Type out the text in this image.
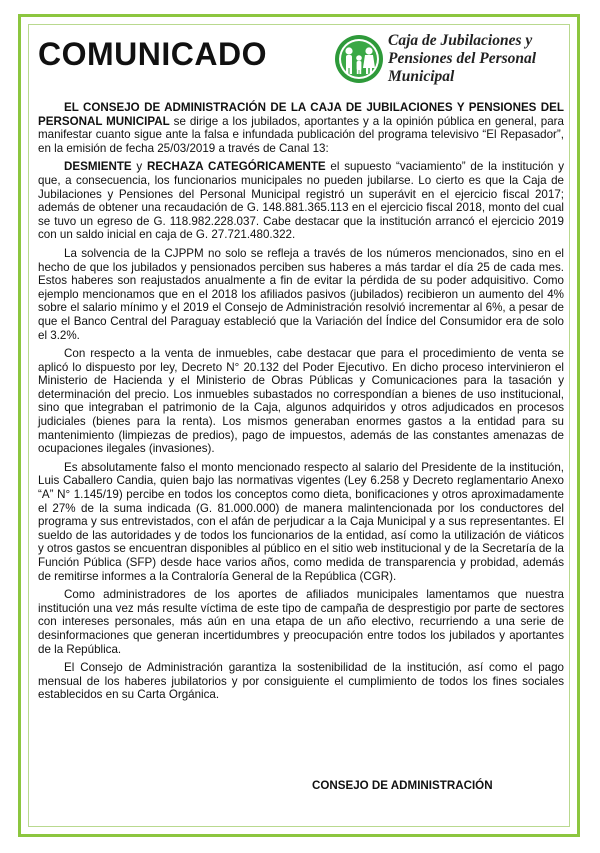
COMUNICADO	Caja de Jubilaciones y
Pensiones del Personal
Municipal

EL CONSEJO DE ADMINISTRACIÓN DE LA CAJA DE JUBILACIONES Y PENSIONES DEL PERSONAL MUNICIPAL se dirige a los jubilados, aportantes y a la opinión pública en general, para manifestar cuanto sigue ante la falsa e infundada publicación del programa televisivo “El Repasador”, en la emisión de fecha 25/03/2019 a través de Canal 13:

DESMIENTE y RECHAZA CATEGÓRICAMENTE el supuesto “vaciamiento” de la institución y que, a consecuencia, los funcionarios municipales no pueden jubilarse. Lo cierto es que la Caja de Jubilaciones y Pensiones del Personal Municipal registró un superávit en el ejercicio fiscal 2017; además de obtener una recaudación de G. 148.881.365.113 en el ejercicio fiscal 2018, monto del cual se tuvo un egreso de G. 118.982.228.037. Cabe destacar que la institución arrancó el ejercicio 2019 con un saldo inicial en caja de G. 27.721.480.322.

La solvencia de la CJPPM no solo se refleja a través de los números mencionados, sino en el hecho de que los jubilados y pensionados perciben sus haberes a más tardar el día 25 de cada mes. Estos haberes son reajustados anualmente a fin de evitar la pérdida de su poder adquisitivo. Como ejemplo mencionamos que en el 2018 los afiliados pasivos (jubilados) recibieron un aumento del 4% sobre el salario mínimo y el 2019 el Consejo de Administración resolvió incrementar al 6%, a pesar de que el Banco Central del Paraguay estableció que la Variación del Índice del Consumidor era de solo el 3.2%.

Con respecto a la venta de inmuebles, cabe destacar que para el procedimiento de venta se aplicó lo dispuesto por ley, Decreto N° 20.132 del Poder Ejecutivo. En dicho proceso intervinieron el Ministerio de Hacienda y el Ministerio de Obras Públicas y Comunicaciones para la tasación y determinación del precio. Los inmuebles subastados no correspondían a bienes de uso institucional, sino que integraban el patrimonio de la Caja, algunos adquiridos y otros adjudicados en procesos judiciales (bienes para la renta). Los mismos generaban enormes gastos a la entidad para su mantenimiento (limpiezas de predios), pago de impuestos, además de las constantes amenazas de ocupaciones ilegales (invasiones).

Es absolutamente falso el monto mencionado respecto al salario del Presidente de la institución, Luis Caballero Candia, quien bajo las normativas vigentes (Ley 6.258 y Decreto reglamentario Anexo “A” N° 1.145/19) percibe en todos los conceptos como dieta, bonificaciones y otros aproximadamente el 27% de la suma indicada (G. 81.000.000) de manera malintencionada por los conductores del programa y sus entrevistados, con el afán de perjudicar a la Caja Municipal y a sus representantes. El sueldo de las autoridades y de todos los funcionarios de la entidad, así como la utilización de viáticos y otros gastos se encuentran disponibles al público en el sitio web institucional y de la Secretaría de la Función Pública (SFP) desde hace varios años, como medida de transparencia y probidad, además de remitirse informes a la Contraloría General de la República (CGR).

Como administradores de los aportes de afiliados municipales lamentamos que nuestra institución una vez más resulte víctima de este tipo de campaña de desprestigio por parte de sectores con intereses personales, más aún en una etapa de un año electivo, recurriendo a una serie de desinformaciones que generan incertidumbres y preocupación entre todos los jubilados y aportantes de la República.

El Consejo de Administración garantiza la sostenibilidad de la institución, así como el pago mensual de los haberes jubilatorios y por consiguiente el cumplimiento de todos los fines sociales establecidos en su Carta Orgánica.

CONSEJO DE ADMINISTRACIÓN
